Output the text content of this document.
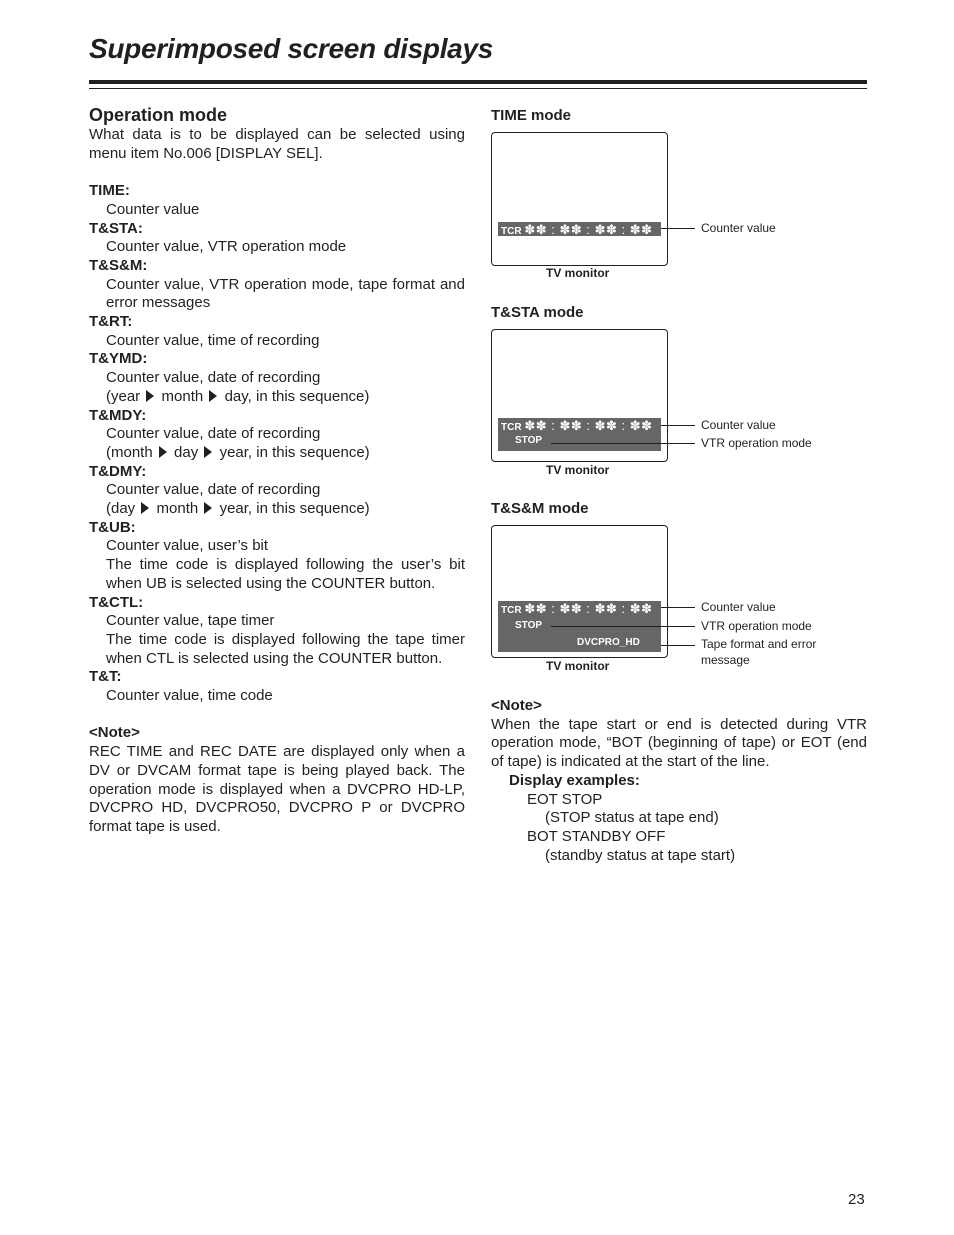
Superimposed screen displays
Operation mode
What data is to be displayed can be selected using menu item No.006 [DISPLAY SEL].
TIME:
Counter value
T&STA:
Counter value, VTR operation mode
T&S&M:
Counter value, VTR operation mode, tape format and error messages
T&RT:
Counter value, time of recording
T&YMD:
Counter value, date of recording
(year month day, in this sequence)
T&MDY:
Counter value, date of recording
(month day year, in this sequence)
T&DMY:
Counter value, date of recording
(day month year, in this sequence)
T&UB:
Counter value, user’s bit
The time code is displayed following the user’s bit when UB is selected using the COUNTER button.
T&CTL:
Counter value, tape timer
The time code is displayed following the tape timer when CTL is selected using the COUNTER button.
T&T:
Counter value, time code
<Note>
REC TIME and REC DATE are displayed only when a DV or DVCAM format tape is being played back. The operation mode is displayed when a DVCPRO HD-LP, DVCPRO HD, DVCPRO50, DVCPRO P or DVCPRO format tape is used.
TIME mode
TCR ✽✽ : ✽✽ : ✽✽ : ✽✽
TV monitor
Counter value
T&STA mode
TCR ✽✽ : ✽✽ : ✽✽ : ✽✽
STOP
TV monitor
Counter value
VTR operation mode
T&S&M mode
TCR ✽✽ : ✽✽ : ✽✽ : ✽✽
STOP
DVCPRO_HD
TV monitor
Counter value
VTR operation mode
Tape format and error message
<Note>
When the tape start or end is detected during VTR operation mode, “BOT (beginning of tape) or EOT (end of tape) is indicated at the start of the line.
Display examples:
EOT STOP
(STOP status at tape end)
BOT STANDBY OFF
(standby status at tape start)
23
